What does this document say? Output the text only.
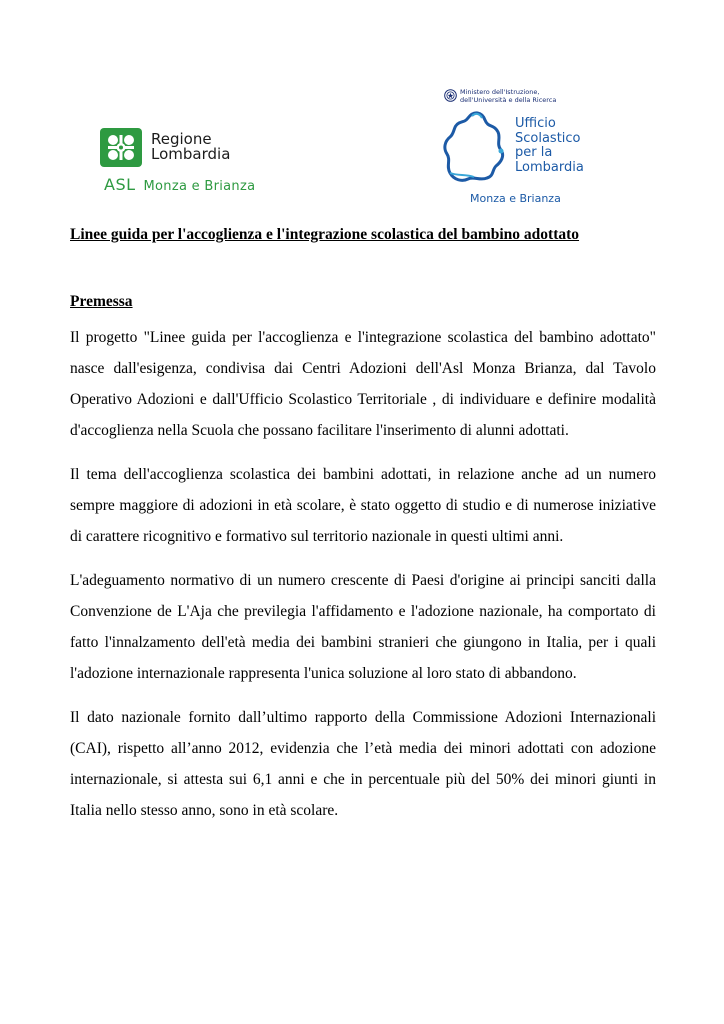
Regione
Lombardia
ASL Monza e Brianza
Ministero dell'Istruzione,
dell'Università e della Ricerca
Ufficio
Scolastico
per la
Lombardia
Monza e Brianza
Linee guida per l'accoglienza e l'integrazione scolastica del bambino adottato
Premessa

Il progetto "Linee guida per l'accoglienza e l'integrazione scolastica del bambino adottato" nasce dall'esigenza, condivisa dai Centri Adozioni dell'Asl Monza Brianza, dal Tavolo Operativo Adozioni e dall'Ufficio Scolastico Territoriale , di individuare e definire modalità d'accoglienza nella Scuola che possano facilitare l'inserimento di alunni adottati.

Il tema dell'accoglienza scolastica dei bambini adottati, in relazione anche ad un numero sempre maggiore di adozioni in età scolare, è stato oggetto di studio e di numerose iniziative di carattere ricognitivo e formativo sul territorio nazionale in questi ultimi anni.

L'adeguamento normativo di un numero crescente di Paesi d'origine ai principi sanciti dalla Convenzione de L'Aja che previlegia l'affidamento e l'adozione nazionale, ha comportato di fatto l'innalzamento dell'età media dei bambini stranieri che giungono in Italia, per i quali l'adozione internazionale rappresenta l'unica soluzione al loro stato di abbandono.

Il dato nazionale fornito dall’ultimo rapporto della Commissione Adozioni Internazionali (CAI), rispetto all’anno 2012, evidenzia che l’età media dei minori adottati con adozione internazionale, si attesta sui 6,1 anni e che in percentuale più del 50% dei minori giunti in Italia nello stesso anno, sono in età scolare.
